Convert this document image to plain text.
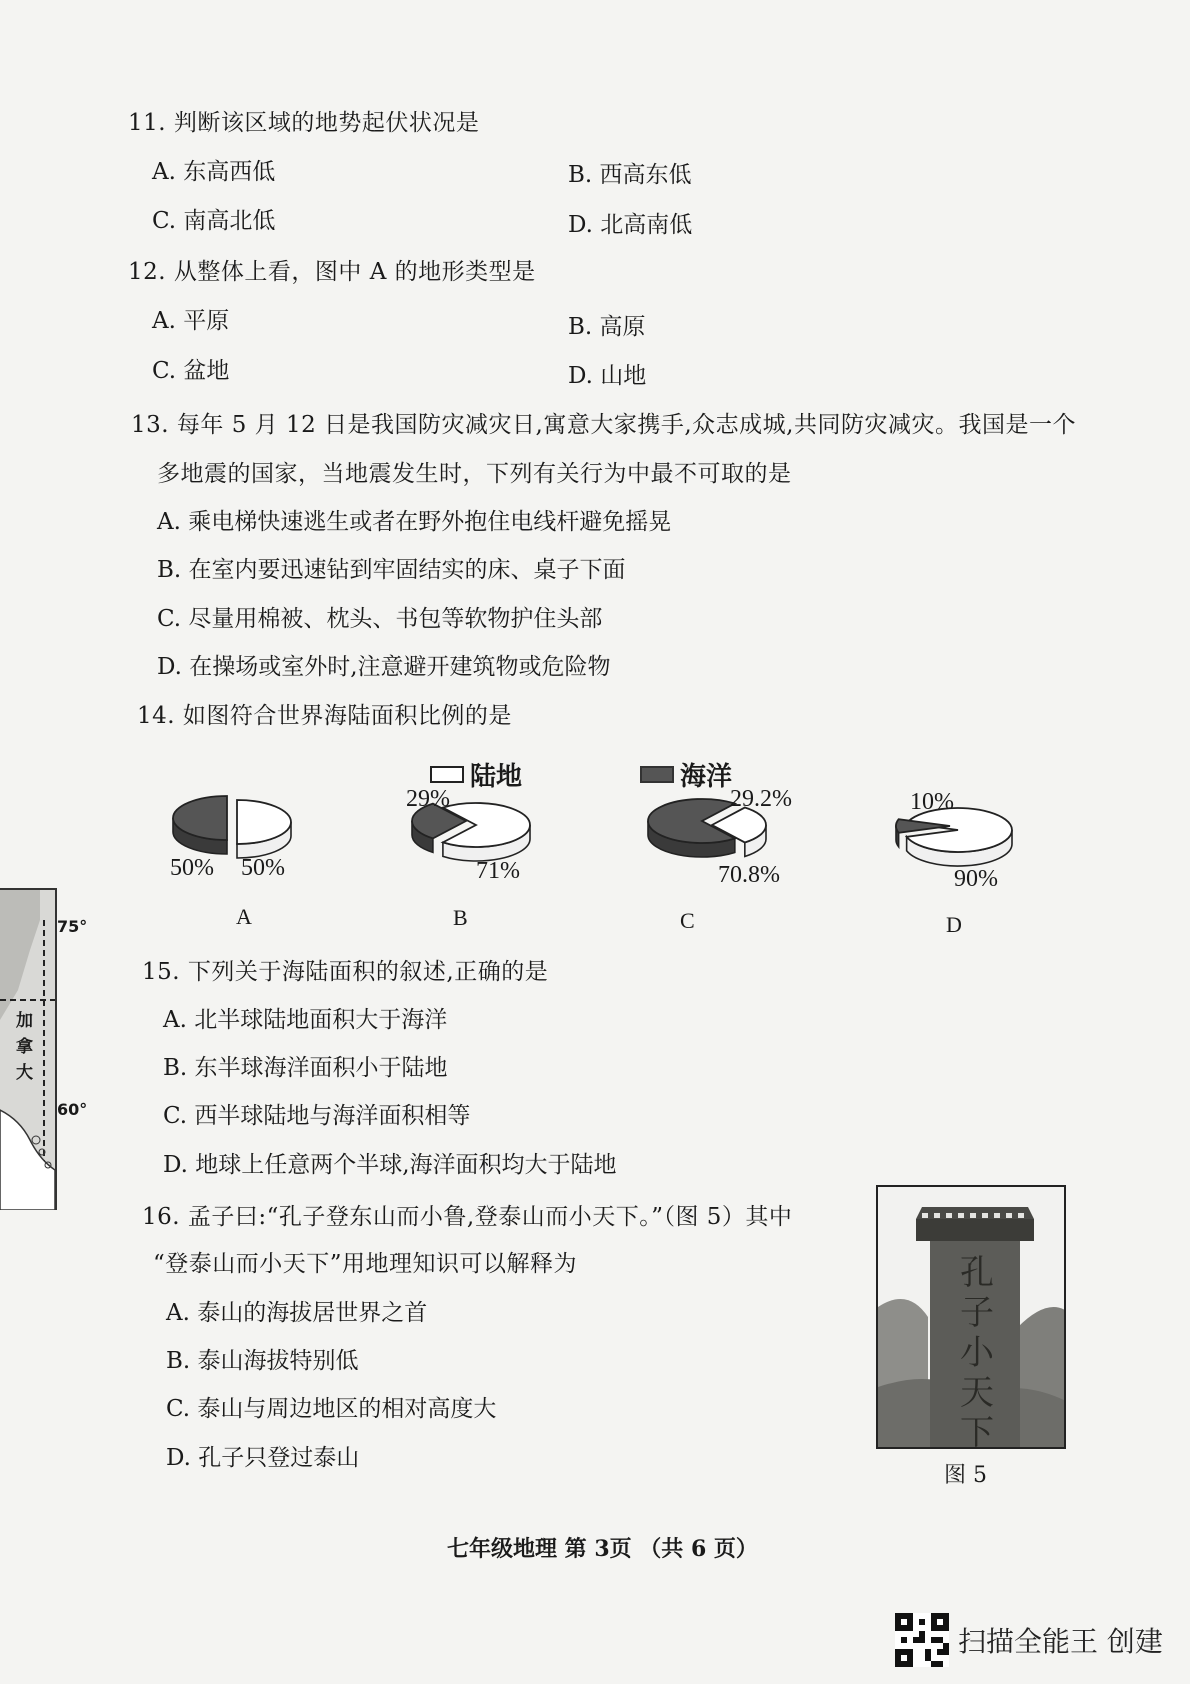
11. 判断该区域的地势起伏状况是
A. 东高西低	B. 西高东低
C. 南高北低	D. 北高南低
12. 从整体上看，图中 A 的地形类型是
A. 平原	B. 高原
C. 盆地	D. 山地
13. 每年 5 月 12 日是我国防灾减灾日,寓意大家携手,众志成城,共同防灾减灾。我国是一个
多地震的国家，当地震发生时，下列有关行为中最不可取的是
A. 乘电梯快速逃生或者在野外抱住电线杆避免摇晃
B. 在室内要迅速钻到牢固结实的床、桌子下面
C. 尽量用棉被、枕头、书包等软物护住头部
D. 在操场或室外时,注意避开建筑物或危险物
14. 如图符合世界海陆面积比例的是
陆地	海洋
50% 50%
A
29%
71%
B
70.8%
29.2%
C
10%
90%
D
加
拿
大
75°
60°
15. 下列关于海陆面积的叙述,正确的是
A. 北半球陆地面积大于海洋
B. 东半球海洋面积小于陆地
C. 西半球陆地与海洋面积相等
D. 地球上任意两个半球,海洋面积均大于陆地
16. 孟子曰:“孔子登东山而小鲁,登泰山而小天下。”（图 5）其中
“登泰山而小天下”用地理知识可以解释为
A. 泰山的海拔居世界之首
B. 泰山海拔特别低
C. 泰山与周边地区的相对高度大
D. 孔子只登过泰山
孔子小天下
图 5
七年级地理 第 3页 （共 6 页）
扫描全能王 创建
